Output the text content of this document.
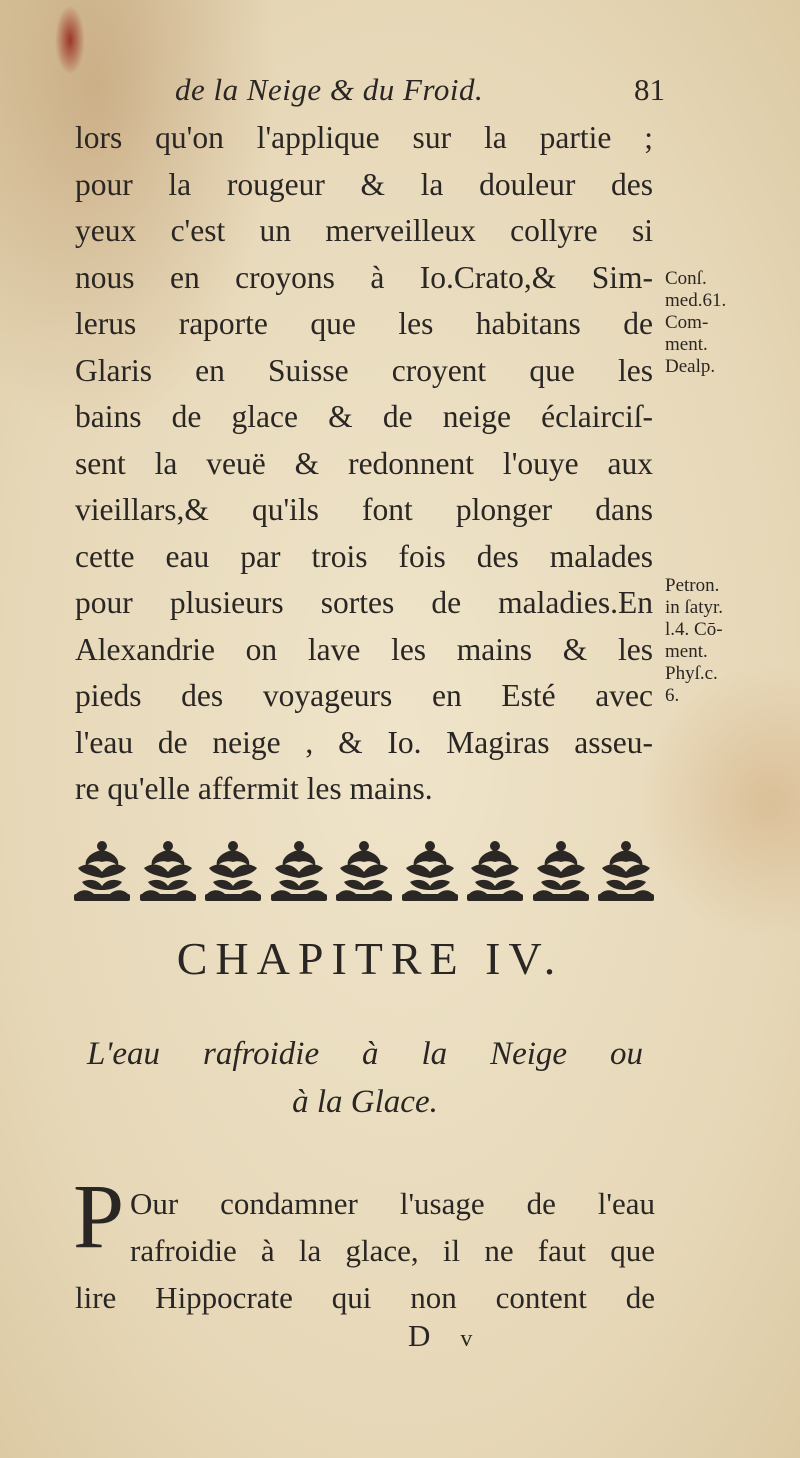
de la Neige & du Froid.	81
lors qu'on l'applique sur la partie ;
pour la rougeur & la douleur des
yeux c'est un merveilleux collyre si
nous en croyons à Io.Crato,& Sim-
lerus raporte que les habitans de
Glaris en Suisse croyent que les
bains de glace & de neige éclairciſ-
sent la veuë & redonnent l'ouye aux
vieillars,& qu'ils font plonger dans
cette eau par trois fois des malades
pour plusieurs sortes de maladies.En
Alexandrie on lave les mains & les
pieds des voyageurs en Esté avec
l'eau de neige , & Io. Magiras asseu-
re qu'elle affermit les mains.
Conſ.
med.61.
Com-
ment.
Dealp.
Petron.
in ſatyr.
l.4. Cō-
ment.
Phyſ.c.
6.
CHAPITRE IV.
L'eau rafroidie à la Neige ou
à la Glace.
P Our condamner l'usage de l'eau
rafroidie à la glace, il ne faut que
lire Hippocrate qui non content de
D v
